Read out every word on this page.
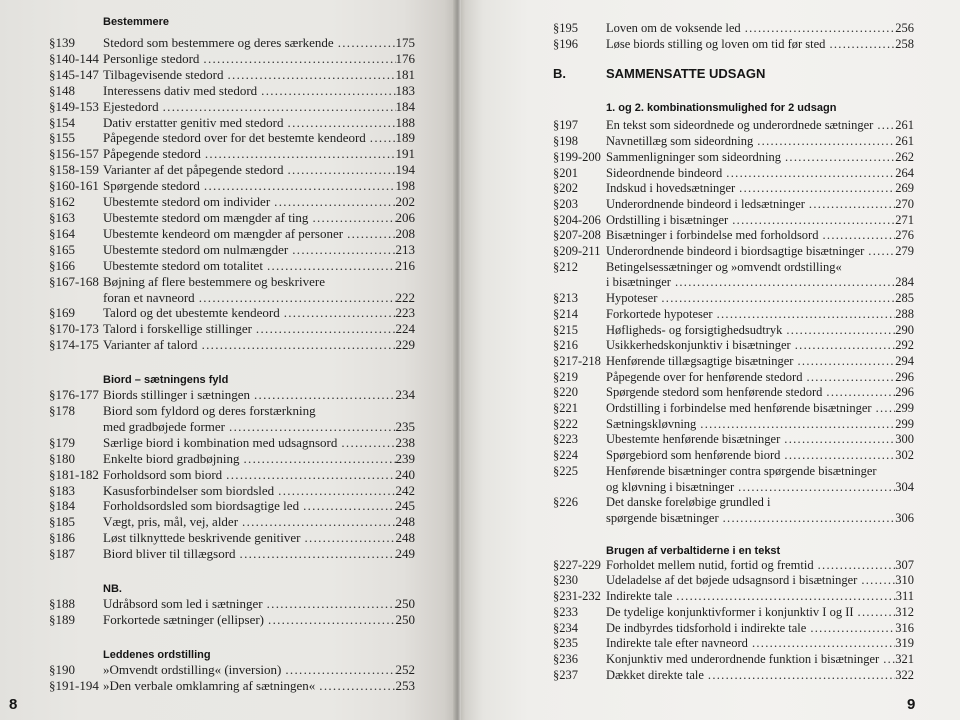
Bestemmere
§139	Stedord som bestemmere og deres særkende .....	175
§140-144 Personlige stedord .....	176
§145-147 Tilbagevisende stedord .....	181
§148	Interessens dativ med stedord .....	183
§149-153 Ejestedord .....	184
§154	Dativ erstatter genitiv med stedord .....	188
§155	Påpegende stedord over for det bestemte kendeord ..... 189
§156-157 Påpegende stedord .....	191
§158-159 Varianter af det påpegende stedord .....	194
§160-161 Spørgende stedord .....	198
§162	Ubestemte stedord om individer .....	202
§163	Ubestemte stedord om mængder af ting .....	206
§164	Ubestemte kendeord om mængder af personer .....	208
§165	Ubestemte stedord om nulmængder .....	213
§166	Ubestemte stedord om totalitet .....	216
§167-168 Bøjning af flere bestemmere og beskrivere
foran et navneord .....	222
§169	Talord og det ubestemte kendeord .....	223
§170-173 Talord i forskellige stillinger .....	224
§174-175 Varianter af talord .....	229
Biord – sætningens fyld
§176-177 Biords stillinger i sætningen .....	234
§178	Biord som fyldord og deres forstærkning
med gradbøjede former .....	235
§179	Særlige biord i kombination med udsagnsord .....	238
§180	Enkelte biord gradbøjning .....	239
§181-182 Forholdsord som biord .....	240
§183	Kasusforbindelser som biordsled .....	242
§184	Forholdsordsled som biordsagtige led .....	245
§185	Vægt, pris, mål, vej, alder .....	248
§186	Løst tilknyttede beskrivende genitiver .....	248
§187	Biord bliver til tillægsord .....	249
NB.
§188	Udråbsord som led i sætninger .....	250
§189	Forkortede sætninger (ellipser) .....	250
Leddenes ordstilling
§190	»Omvendt ordstilling« (inversion) .....	252
§191-194 »Den verbale omklamring af sætningen« .....	253
§195	Loven om de voksende led .....	256
§196	Løse biords stilling og loven om tid før sted .....	258
B.	SAMMENSATTE UDSAGN
1. og 2. kombinationsmulighed for 2 udsagn
§197	En tekst som sideordnede og underordnede sætninger ..... 261
§198	Navnetillæg som sideordning .....	261
§199-200 Sammenligninger som sideordning .....	262
§201	Sideordnende bindeord .....	264
§202	Indskud i hovedsætninger .....	269
§203	Underordnende bindeord i ledsætninger .....	270
§204-206 Ordstilling i bisætninger .....	271
§207-208 Bisætninger i forbindelse med forholdsord .....	276
§209-211 Underordnende bindeord i biordsagtige bisætninger ..... 279
§212	Betingelsessætninger og »omvendt ordstilling«
i bisætninger .....	284
§213	Hypoteser .....	285
§214	Forkortede hypoteser .....	288
§215	Høfligheds- og forsigtighedsudtryk .....	290
§216	Usikkerhedskonjunktiv i bisætninger .....	292
§217-218 Henførende tillægsagtige bisætninger .....	294
§219	Påpegende over for henførende stedord .....	296
§220	Spørgende stedord som henførende stedord .....	296
§221	Ordstilling i forbindelse med henførende bisætninger ..... 299
§222	Sætningskløvning .....	299
§223	Ubestemte henførende bisætninger .....	300
§224	Spørgebiord som henførende biord .....	302
§225	Henførende bisætninger contra spørgende bisætninger
og kløvning i bisætninger .....	304
§226	Det danske foreløbige grundled i
spørgende bisætninger .....	306
Brugen af verbaltiderne i en tekst
§227-229 Forholdet mellem nutid, fortid og fremtid .....	307
§230	Udeladelse af det bøjede udsagnsord i bisætninger .....	310
§231-232 Indirekte tale .....	311
§233	De tydelige konjunktivformer i konjunktiv I og II .....	312
§234	De indbyrdes tidsforhold i indirekte tale .....	316
§235	Indirekte tale efter navneord .....	319
§236	Konjunktiv med underordnende funktion i bisætninger ..... 321
§237	Dækket direkte tale .....	322
8	9
